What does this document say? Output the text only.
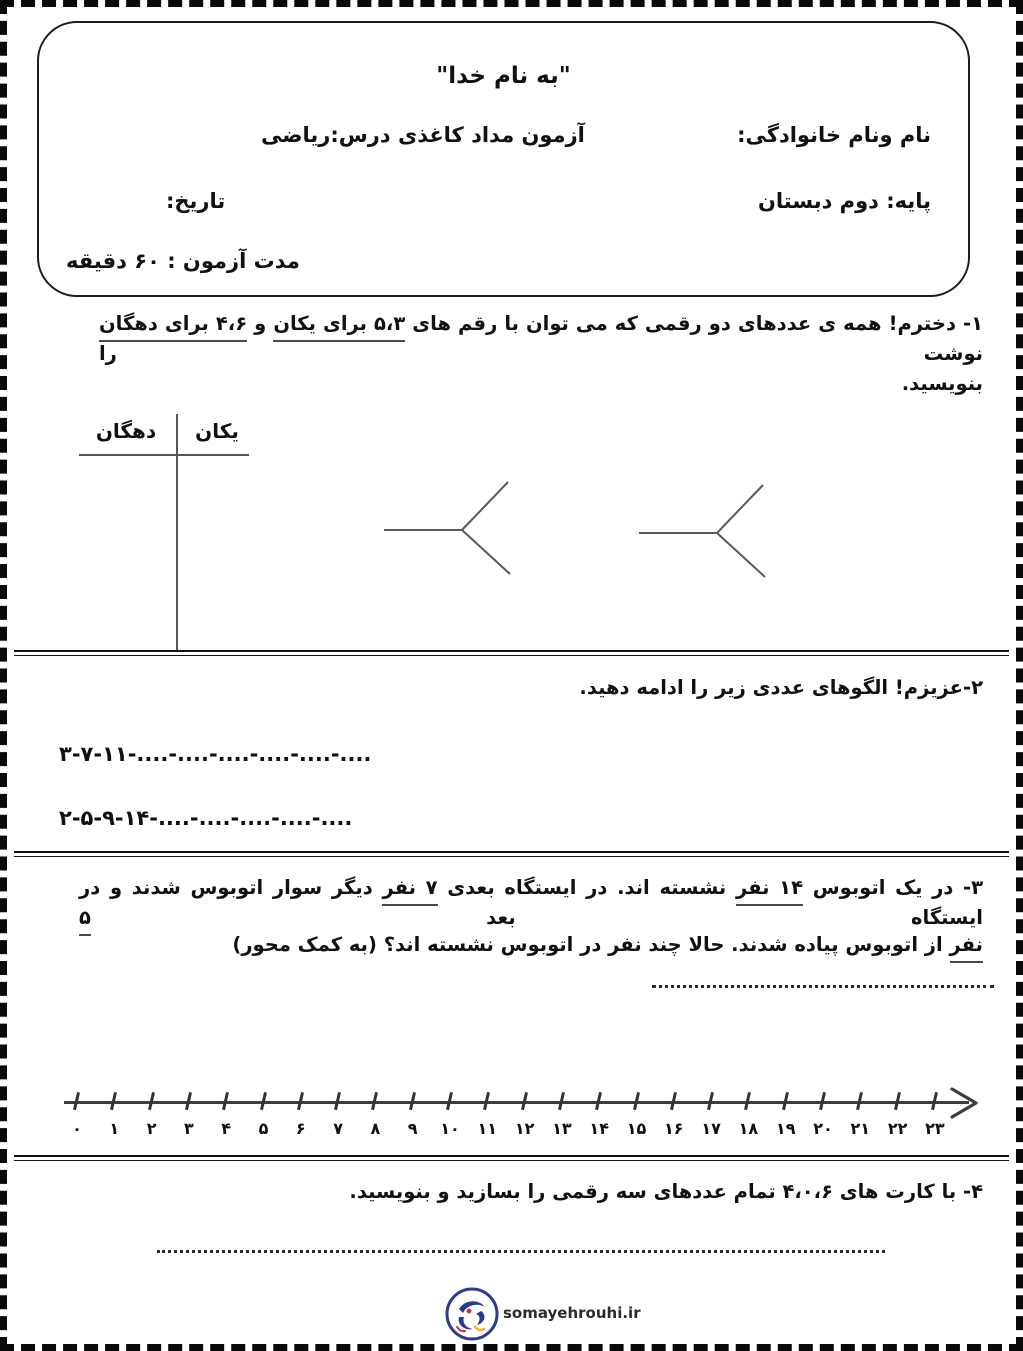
"به نام خدا"
نام ونام خانوادگی:
آزمون مداد کاغذی درس:ریاضی
پایه: دوم دبستان
تاریخ:
مدت آزمون : ۶۰ دقیقه
۱- دخترم! همه ی عددهای دو رقمی که می توان با رقم های ۵،۳ برای یکان و ۴،۶ برای دهگان نوشت را
بنویسید.
دهگان	یکان
۲-عزیزم! الگوهای عددی زیر را ادامه دهید.
۳-۷-۱۱-....-....-....-....-....-....
۲-۵-۹-۱۴-....-....-....-....-....
۳- در یک اتوبوس ۱۴ نفر نشسته اند. در ایستگاه بعدی ۷ نفر دیگر سوار اتوبوس شدند و در ایستگاه بعد ۵
نفر از اتوبوس پیاده شدند. حالا چند نفر در اتوبوس نشسته اند؟ (به کمک محور)
۰	۱	۲	۳	۴	۵	۶	۷	۸	۹	۱۰	۱۱	۱۲	۱۳	۱۴	۱۵	۱۶	۱۷	۱۸	۱۹	۲۰	۲۱	۲۲	۲۳
۴- با کارت های ۴،۰،۶ تمام عددهای سه رقمی را بسازید و بنویسید.
somayehrouhi.ir
